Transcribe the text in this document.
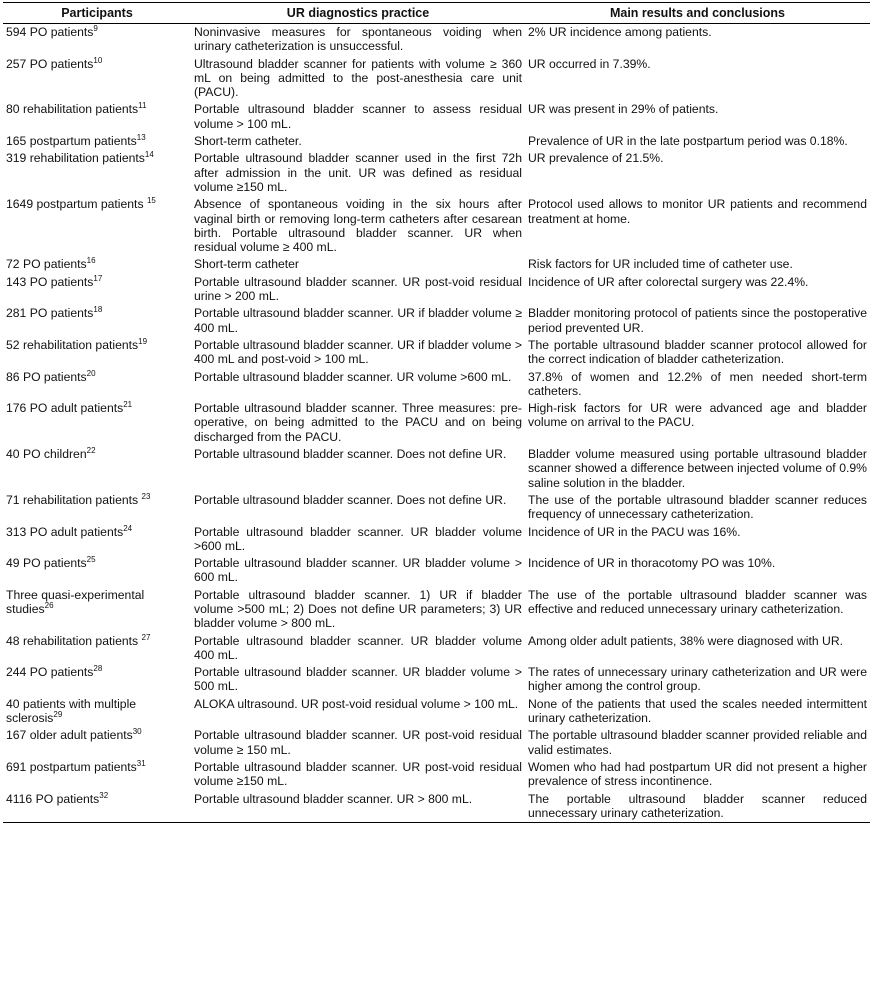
Participants	UR diagnostics practice	Main results and conclusions
594 PO patients$^9$	Noninvasive measures for spontaneous voiding when urinary catheterization is unsuccessful.	2% UR incidence among patients.
257 PO patients$^{10}$	Ultrasound bladder scanner for patients with volume ≥ 360 mL on being admitted to the post-anesthesia care unit (PACU).	UR occurred in 7.39%.
80 rehabilitation patients$^{11}$	Portable ultrasound bladder scanner to assess residual volume > 100 mL.	UR was present in 29% of patients.
165 postpartum patients$^{13}$	Short-term catheter.	Prevalence of UR in the late postpartum period was 0.18%.
319 rehabilitation patients$^{14}$	Portable ultrasound bladder scanner used in the first 72h after admission in the unit. UR was defined as residual volume ≥150 mL.	UR prevalence of 21.5%.
1649 postpartum patients $^{15}$	Absence of spontaneous voiding in the six hours after vaginal birth or removing long-term catheters after cesarean birth. Portable ultrasound bladder scanner. UR when residual volume ≥ 400 mL.	Protocol used allows to monitor UR patients and recommend treatment at home.
72 PO patients$^{16}$	Short-term catheter	Risk factors for UR included time of catheter use.
143 PO patients$^{17}$	Portable ultrasound bladder scanner. UR post-void residual urine > 200 mL.	Incidence of UR after colorectal surgery was 22.4%.
281 PO patients$^{18}$	Portable ultrasound bladder scanner. UR if bladder volume ≥ 400 mL.	Bladder monitoring protocol of patients since the postoperative period prevented UR.
52 rehabilitation patients$^{19}$	Portable ultrasound bladder scanner. UR if bladder volume > 400 mL and post-void > 100 mL.	The portable ultrasound bladder scanner protocol allowed for the correct indication of bladder catheterization.
86 PO patients$^{20}$	Portable ultrasound bladder scanner. UR volume >600 mL.	37.8% of women and 12.2% of men needed short-term catheters.
176 PO adult patients$^{21}$	Portable ultrasound bladder scanner. Three measures: pre-operative, on being admitted to the PACU and on being discharged from the PACU.	High-risk factors for UR were advanced age and bladder volume on arrival to the PACU.
40 PO children$^{22}$	Portable ultrasound bladder scanner. Does not define UR.	Bladder volume measured using portable ultrasound bladder scanner showed a difference between injected volume of 0.9% saline solution in the bladder.
71 rehabilitation patients $^{23}$	Portable ultrasound bladder scanner. Does not define UR.	The use of the portable ultrasound bladder scanner reduces frequency of unnecessary catheterization.
313 PO adult patients$^{24}$	Portable ultrasound bladder scanner. UR bladder volume >600 mL.	Incidence of UR in the PACU was 16%.
49 PO patients$^{25}$	Portable ultrasound bladder scanner. UR bladder volume > 600 mL.	Incidence of UR in thoracotomy PO was 10%.
Three quasi-experimental studies$^{26}$	Portable ultrasound bladder scanner. 1) UR if bladder volume >500 mL; 2) Does not define UR parameters; 3) UR bladder volume > 800 mL.	The use of the portable ultrasound bladder scanner was effective and reduced unnecessary urinary catheterization.
48 rehabilitation patients $^{27}$	Portable ultrasound bladder scanner. UR bladder volume 400 mL.	Among older adult patients, 38% were diagnosed with UR.
244 PO patients$^{28}$	Portable ultrasound bladder scanner. UR bladder volume > 500 mL.	The rates of unnecessary urinary catheterization and UR were higher among the control group.
40 patients with multiple sclerosis$^{29}$	ALOKA ultrasound. UR post-void residual volume > 100 mL.	None of the patients that used the scales needed intermittent urinary catheterization.
167 older adult patients$^{30}$	Portable ultrasound bladder scanner. UR post-void residual volume ≥ 150 mL.	The portable ultrasound bladder scanner provided reliable and valid estimates.
691 postpartum patients$^{31}$	Portable ultrasound bladder scanner. UR post-void residual volume ≥150 mL.	Women who had had postpartum UR did not present a higher prevalence of stress incontinence.
4116 PO patients$^{32}$	Portable ultrasound bladder scanner. UR > 800 mL.	The portable ultrasound bladder scanner reduced unnecessary urinary catheterization.
